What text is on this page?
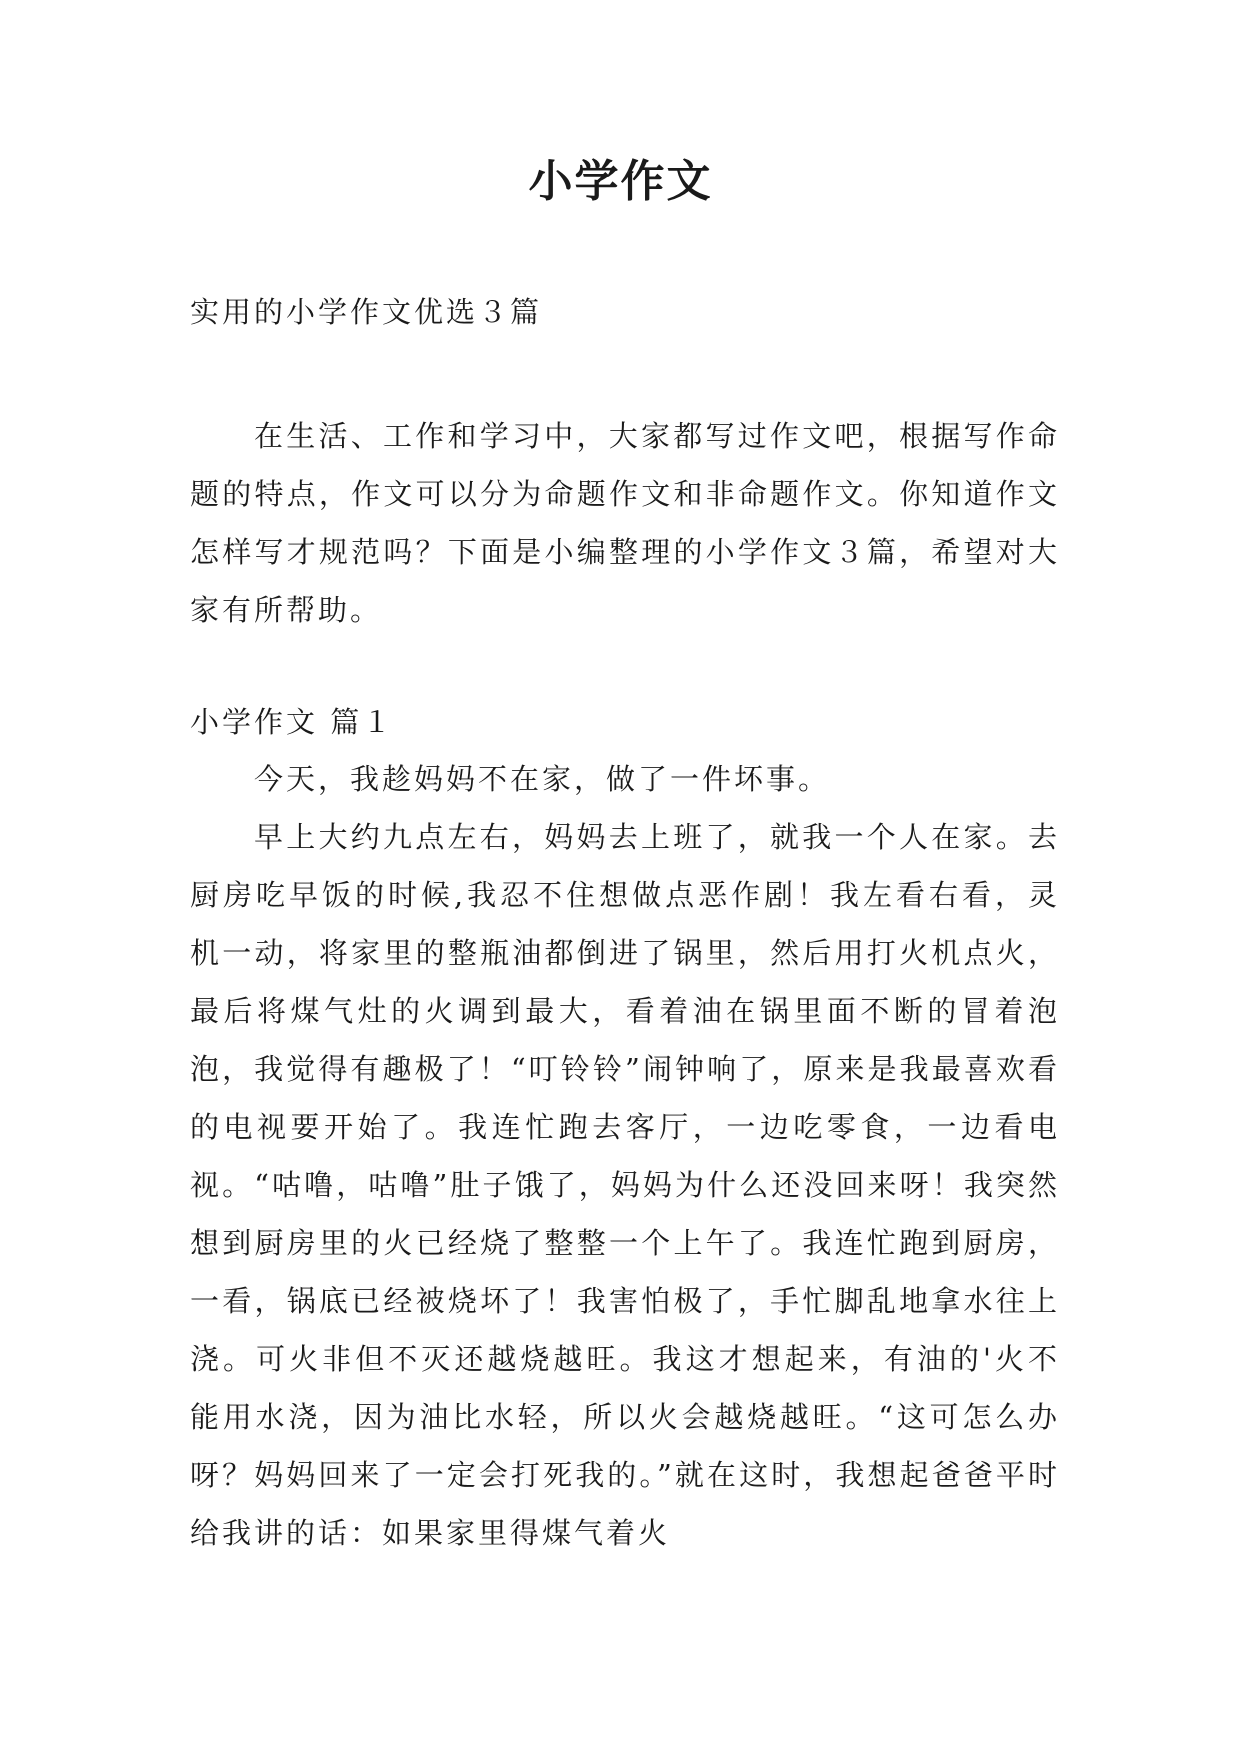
小学作文

实用的小学作文优选３篇

在生活、工作和学习中，大家都写过作文吧，根据写作命题的特点，作文可以分为命题作文和非命题作文。你知道作文怎样写才规范吗？下面是小编整理的小学作文３篇，希望对大家有所帮助。

小学作文 篇１

今天，我趁妈妈不在家，做了一件坏事。

早上大约九点左右，妈妈去上班了，就我一个人在家。去厨房吃早饭的时候,我忍不住想做点恶作剧！我左看右看，灵机一动，将家里的整瓶油都倒进了锅里，然后用打火机点火，最后将煤气灶的火调到最大，看着油在锅里面不断的冒着泡泡，我觉得有趣极了！“叮铃铃”闹钟响了，原来是我最喜欢看的电视要开始了。我连忙跑去客厅，一边吃零食，一边看电视。“咕噜，咕噜”肚子饿了，妈妈为什么还没回来呀！我突然想到厨房里的火已经烧了整整一个上午了。我连忙跑到厨房，一看，锅底已经被烧坏了！我害怕极了，手忙脚乱地拿水往上浇。可火非但不灭还越烧越旺。我这才想起来，有油的'火不能用水浇，因为油比水轻，所以火会越烧越旺。“这可怎么办呀？妈妈回来了一定会打死我的。”就在这时，我想起爸爸平时给我讲的话：如果家里得煤气着火
